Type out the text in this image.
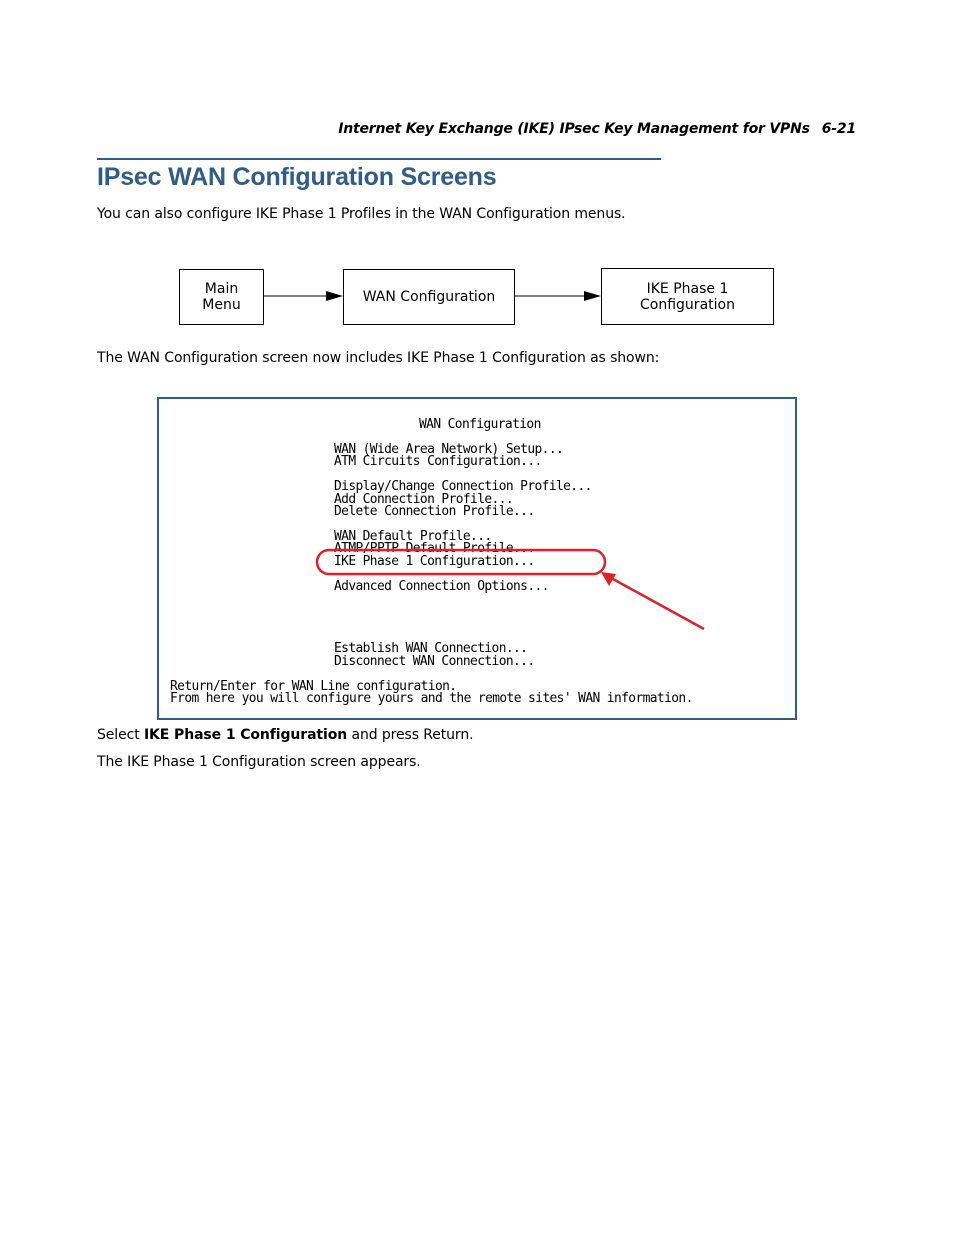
Internet Key Exchange (IKE) IPsec Key Management for VPNs 6-21
IPsec WAN Configuration Screens

You can also configure IKE Phase 1 Profiles in the WAN Configuration menus.

Main
Menu	WAN Configuration
IKE Phase 1
Configuration

The WAN Configuration screen now includes IKE Phase 1 Configuration as shown:

WAN Configuration
WAN (Wide Area Network) Setup...
ATM Circuits Configuration...
Display/Change Connection Profile...
Add Connection Profile...
Delete Connection Profile...
WAN Default Profile...
ATMP/PPTP Default Profile...
IKE Phase 1 Configuration...
Advanced Connection Options...
Establish WAN Connection...
Disconnect WAN Connection...
Return/Enter for WAN Line configuration.
From here you will configure yours and the remote sites' WAN information.

Select IKE Phase 1 Configuration and press Return.

The IKE Phase 1 Configuration screen appears.
